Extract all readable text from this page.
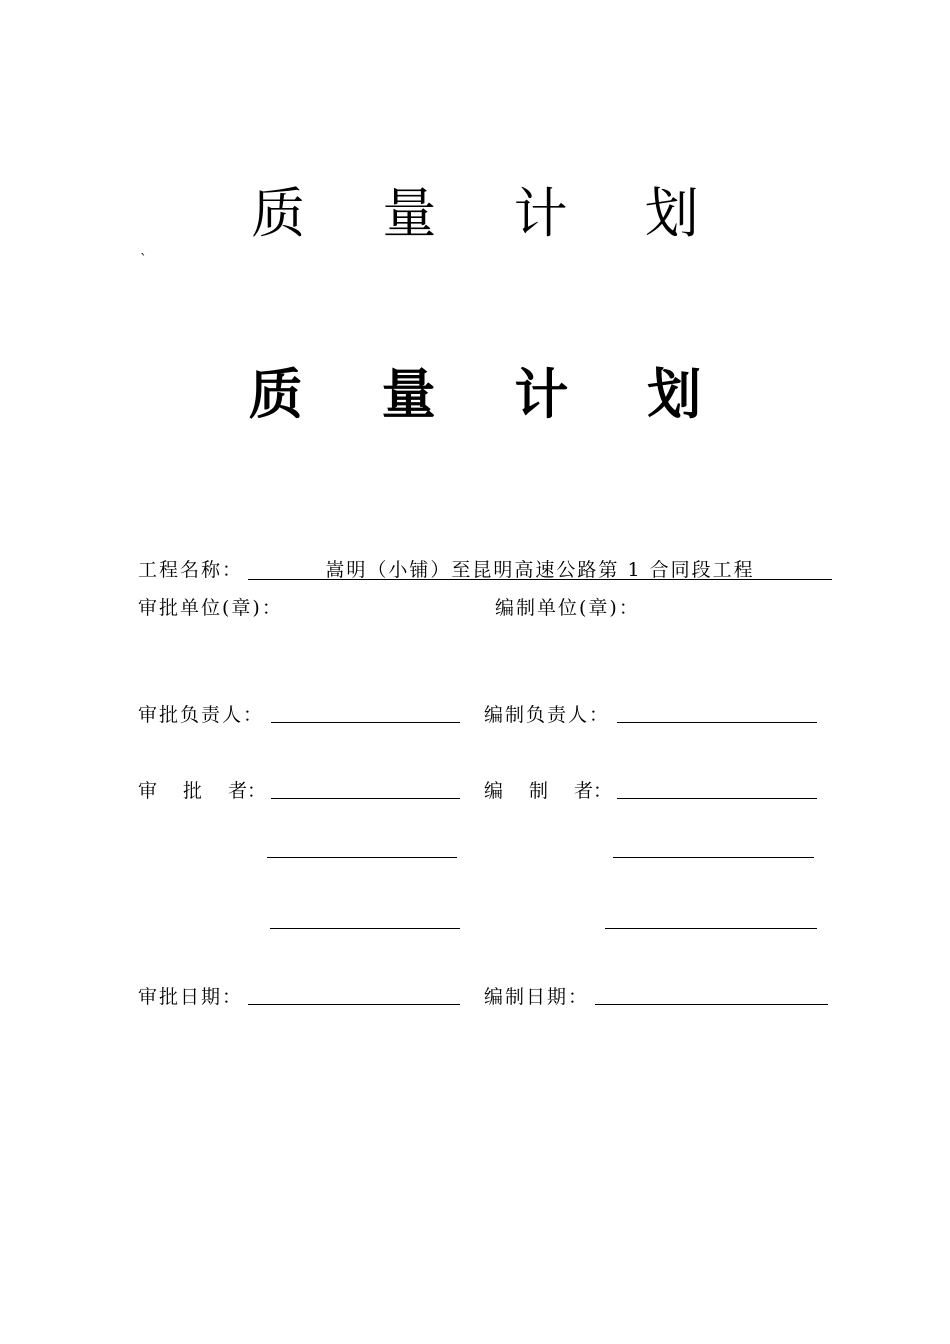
质 量 计 划
`
质 量 计 划
工程名称：	嵩明（小铺）至昆明高速公路第 1 合同段工程
审批单位(章)：	编制单位(章)：
审批负责人：	编制负责人：
审 批 者：	编 制 者：
审批日期：	编制日期：
